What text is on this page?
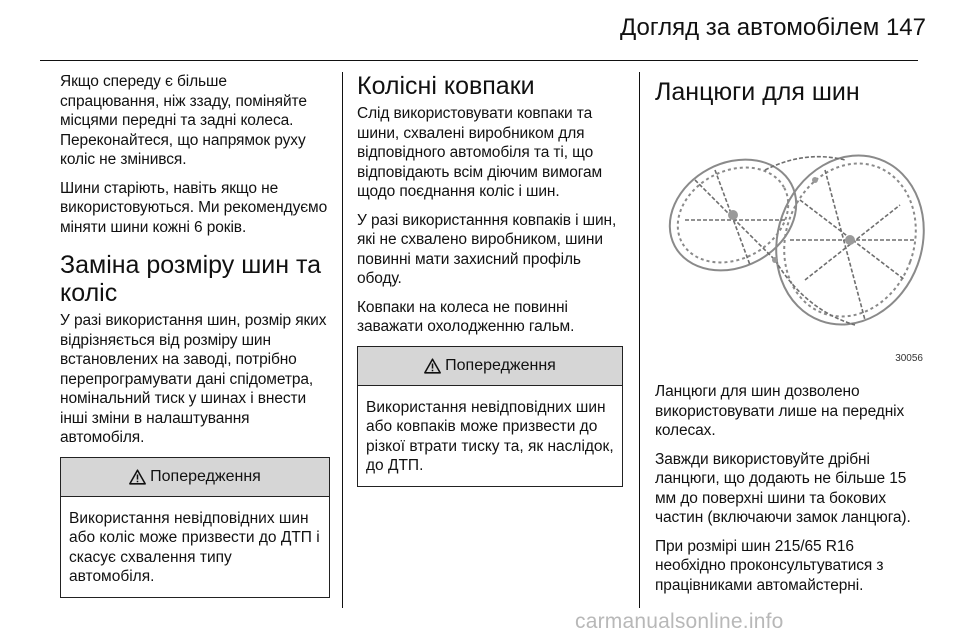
Догляд за автомобілем 147

Якщо спереду є більше спрацювання, ніж ззаду, поміняйте місцями передні та задні колеса. Переконайтеся, що напрямок руху коліс не змінився.

Шини старіють, навіть якщо не використовуються. Ми рекомендуємо міняти шини кожні 6 років.

Заміна розміру шин та коліс

У разі використання шин, розмір яких відрізняється від розміру шин встановлених на заводі, потрібно перепрограмувати дані спідометра, номінальний тиск у шинах і внести інші зміни в налаштування автомобіля.

Попередження
Використання невідповідних шин або коліс може призвести до ДТП і скасує схвалення типу автомобіля.
Колісні ковпаки

Слід використовувати ковпаки та шини, схвалені виробником для відповідного автомобіля та ті, що відповідають всім діючим вимогам щодо поєднання коліс і шин.

У разі використанння ковпаків і шин, які не схвалено виробником, шини повинні мати захисний профіль ободу.

Ковпаки на колеса не повинні заважати охолодженню гальм.

Попередження
Використання невідповідних шин або ковпаків може призвести до різкої втрати тиску та, як наслідок, до ДТП.
Ланцюги для шин
30056

Ланцюги для шин дозволено використовувати лише на передніх колесах.

Завжди використовуйте дрібні ланцюги, що додають не більше 15 мм до поверхні шини та бокових частин (включаючи замок ланцюга).

При розмірі шин 215/65 R16 необхідно проконсультуватися з працівниками автомайстерні.

carmanualsonline.info
